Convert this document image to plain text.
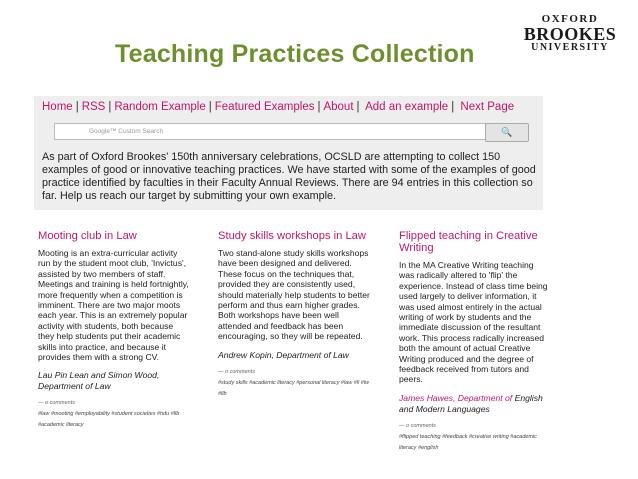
Teaching Practices Collection
OXFORD
BROOKES
UNIVERSITY
Home | RSS | Random Example | Featured Examples | About | Add an example | Next Page
Google™ Custom Search	🔍
As part of Oxford Brookes' 150th anniversary celebrations, OCSLD are attempting to collect 150 examples of good or innovative teaching practices. We have started with some of the examples of good practice identified by faculties in their Faculty Annual Reviews. There are 94 entries in this collection so far. Help us reach our target by submitting your own example.
Mooting club in Law
Mooting is an extra-curricular activity run by the student moot club, 'Invictus', assisted by two members of staff. Meetings and training is held fortnightly, more frequently when a competition is imminent. There are two major moots each year. This is an extremely popular activity with students, both because they help students put their academic skills into practice, and because it provides them with a strong CV.
Lau Pin Lean and Simon Wood, Department of Law
— o comments
#law #mooting #employability #student societies #hdu #llb #academic literacy
Study skills workshops in Law
Two stand-alone study skills workshops have been designed and delivered. These focus on the techniques that, provided they are consistently used, should materially help students to better perform and thus earn higher grades. Both workshops have been well attended and feedback has been encouraging, so they will be repeated.
Andrew Kopin, Department of Law
— o comments
#study skills #academic literacy #personal literacy #law #ll #lw #llb
Flipped teaching in Creative Writing
In the MA Creative Writing teaching was radically altered to 'flip' the experience. Instead of class time being used largely to deliver information, it was used almost entirely in the actual writing of work by students and the immediate discussion of the resultant work. This process radically increased both the amount of actual Creative Writing produced and the degree of feedback received from tutors and peers.
James Hawes, Department of English and Modern Languages
— o comments
#flipped teaching #feedback #creative writing #academic literacy #english
